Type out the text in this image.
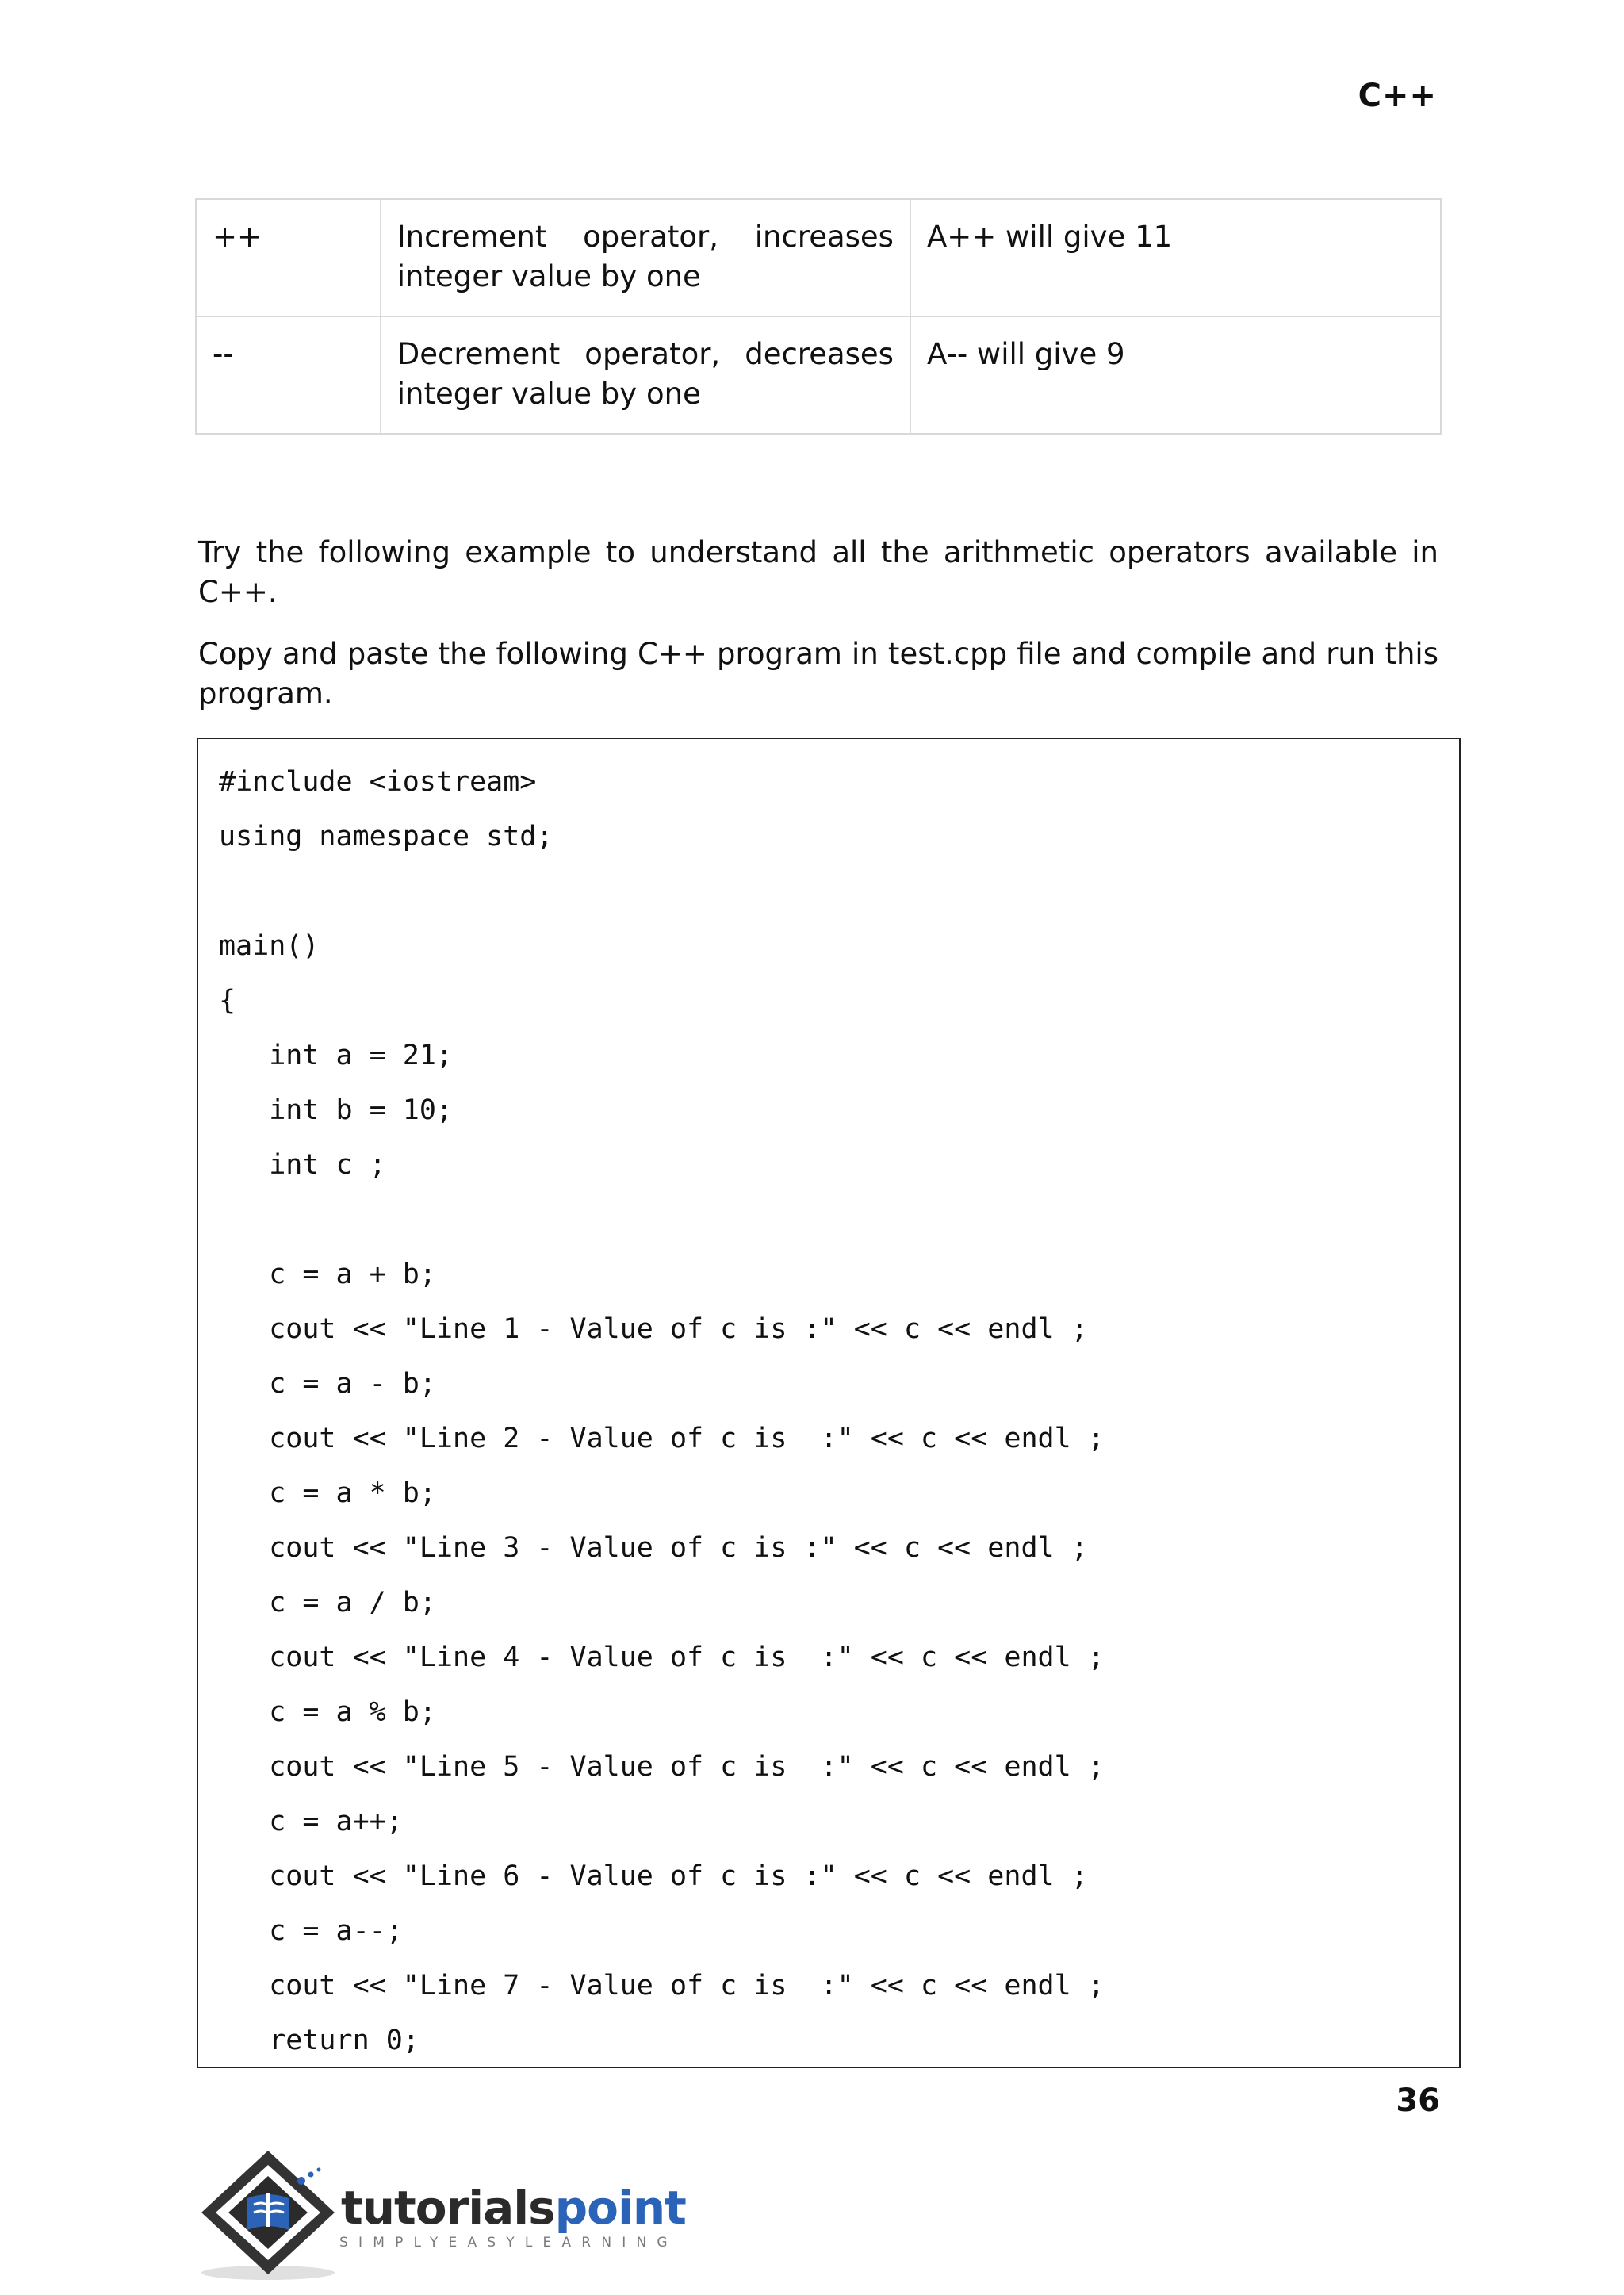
C++
++	Increment operator, increases integer value by one	A++ will give 11
--	Decrement operator, decreases integer value by one	A-- will give 9

Try the following example to understand all the arithmetic operators available in C++.

Copy and paste the following C++ program in test.cpp file and compile and run this program.

#include <iostream>
using namespace std;
main()
{
int a = 21;
int b = 10;
int c ;
c = a + b;
cout << "Line 1 - Value of c is :" << c << endl ;
c = a - b;
cout << "Line 2 - Value of c is  :" << c << endl ;
c = a * b;
cout << "Line 3 - Value of c is :" << c << endl ;
c = a / b;
cout << "Line 4 - Value of c is  :" << c << endl ;
c = a % b;
cout << "Line 5 - Value of c is  :" << c << endl ;
c = a++;
cout << "Line 6 - Value of c is :" << c << endl ;
c = a--;
cout << "Line 7 - Value of c is  :" << c << endl ;
return 0;

36

tutorialspoint
SIMPLYEASYLEARNING
